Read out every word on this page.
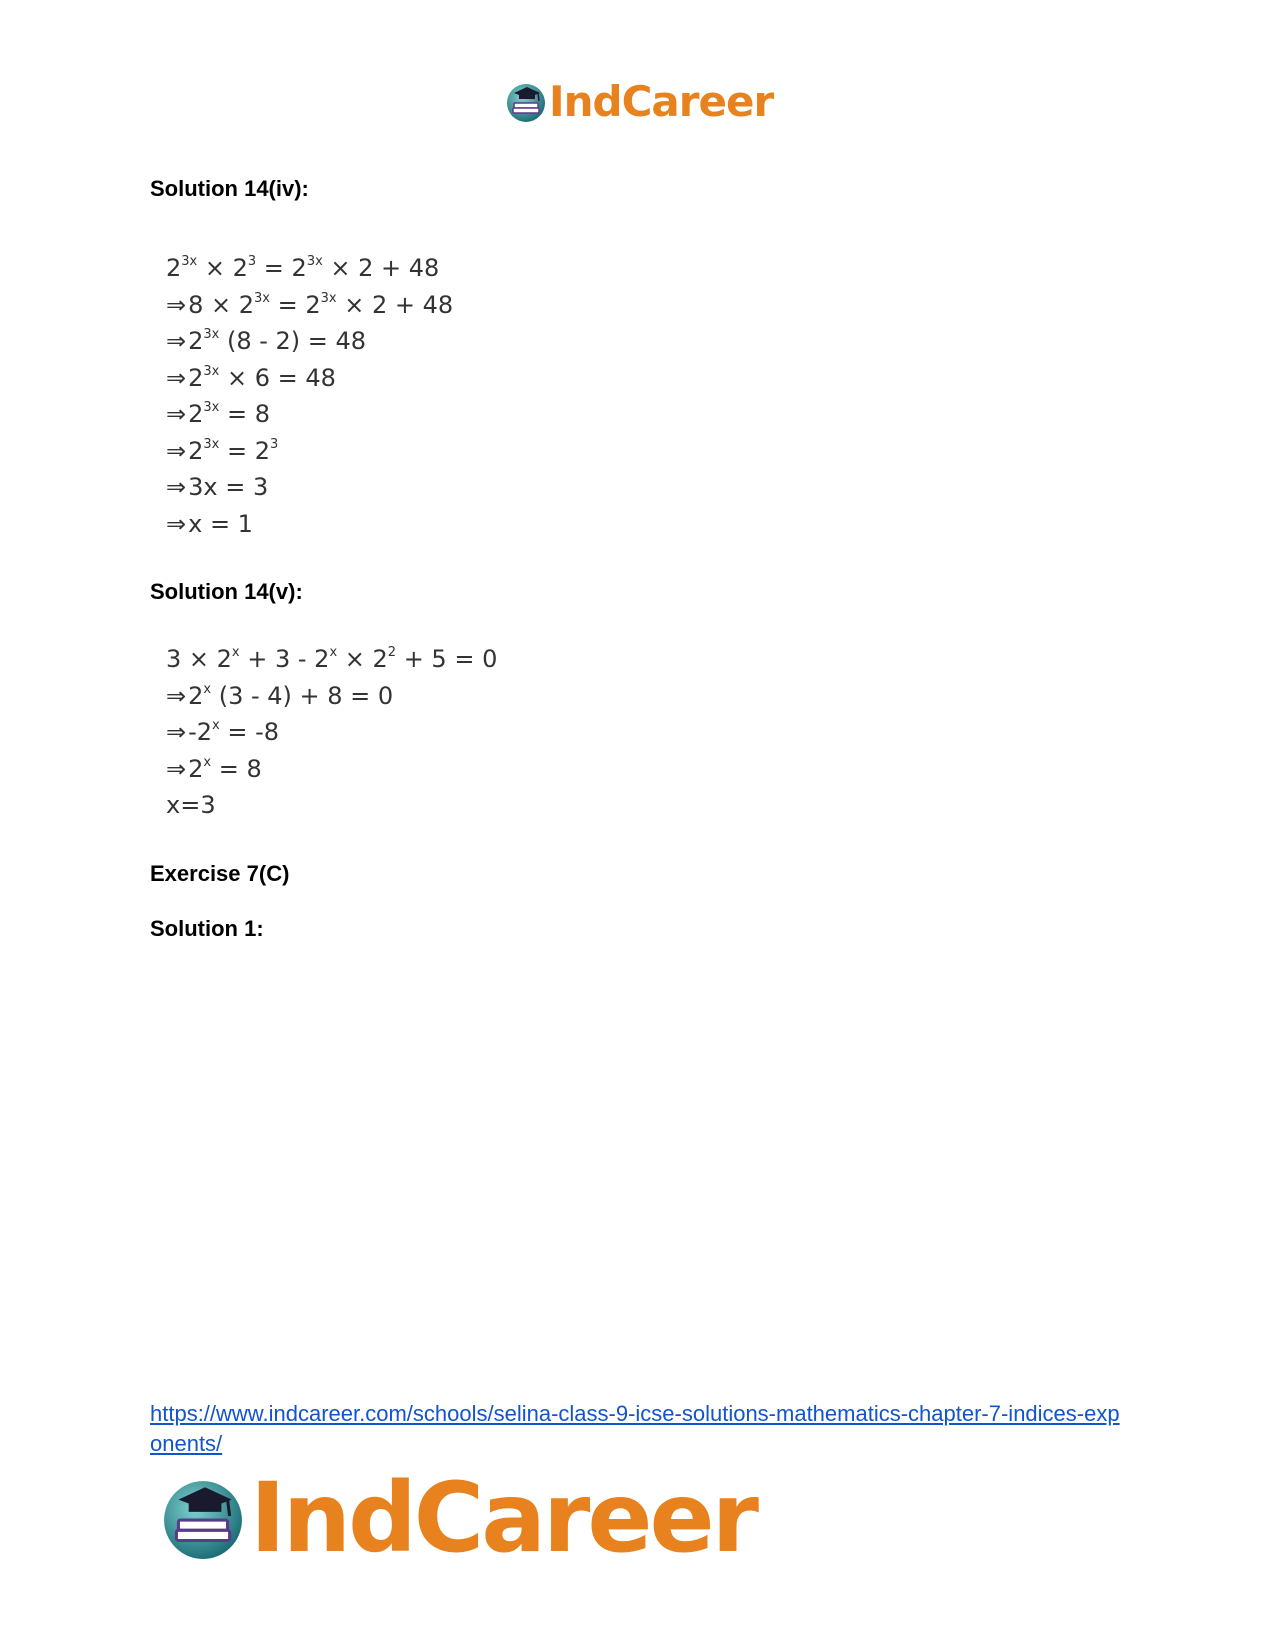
IndCareer
Solution 14(iv):
$2^{3x} \times 2^3 = 2^{3x} \times 2 + 48$
⇒8 × $2^{3x} = 2^{3x} \times 2 + 48$
$\Rightarrow 2^{3x}$ (8 - 2) = 48
$\Rightarrow 2^{3x} \times 6 = 48$
$\Rightarrow 2^{3x} = 8$
$\Rightarrow 2^{3x} = 2^3$
⇒3x = 3
⇒x = 1
Solution 14(v):
$3 \times 2^x + 3 - 2^x \times 2^2 + 5 = 0$
⇒2$^x$ (3 - 4) + 8 = 0
$\Rightarrow-2^x = -8$
$\Rightarrow 2^x = 8$
x=3
Exercise 7(C)
Solution 1:
https://www.indcareer.com/schools/selina-class-9-icse-solutions-mathematics-chapter-7-indices-exponents/
IndCareer
